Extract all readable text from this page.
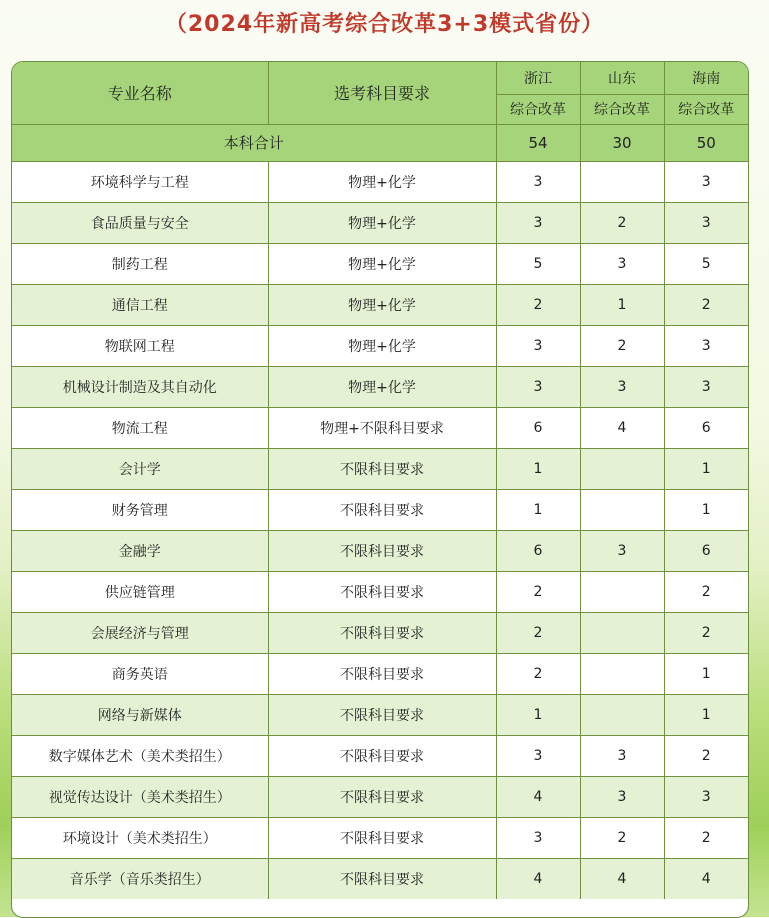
（2024年新高考综合改革3+3模式省份）
专业名称	选考科目要求	浙江	山东	海南
		综合改革	综合改革	综合改革
本科合计		54	30	50
环境科学与工程	物理+化学	3		3
食品质量与安全	物理+化学	3	2	3
制药工程	物理+化学	5	3	5
通信工程	物理+化学	2	1	2
物联网工程	物理+化学	3	2	3
机械设计制造及其自动化	物理+化学	3	3	3
物流工程	物理+不限科目要求	6	4	6
会计学	不限科目要求	1		1
财务管理	不限科目要求	1		1
金融学	不限科目要求	6	3	6
供应链管理	不限科目要求	2		2
会展经济与管理	不限科目要求	2		2
商务英语	不限科目要求	2		1
网络与新媒体	不限科目要求	1		1
数字媒体艺术（美术类招生）	不限科目要求	3	3	2
视觉传达设计（美术类招生）	不限科目要求	4	3	3
环境设计（美术类招生）	不限科目要求	3	2	2
音乐学（音乐类招生）	不限科目要求	4	4	4
